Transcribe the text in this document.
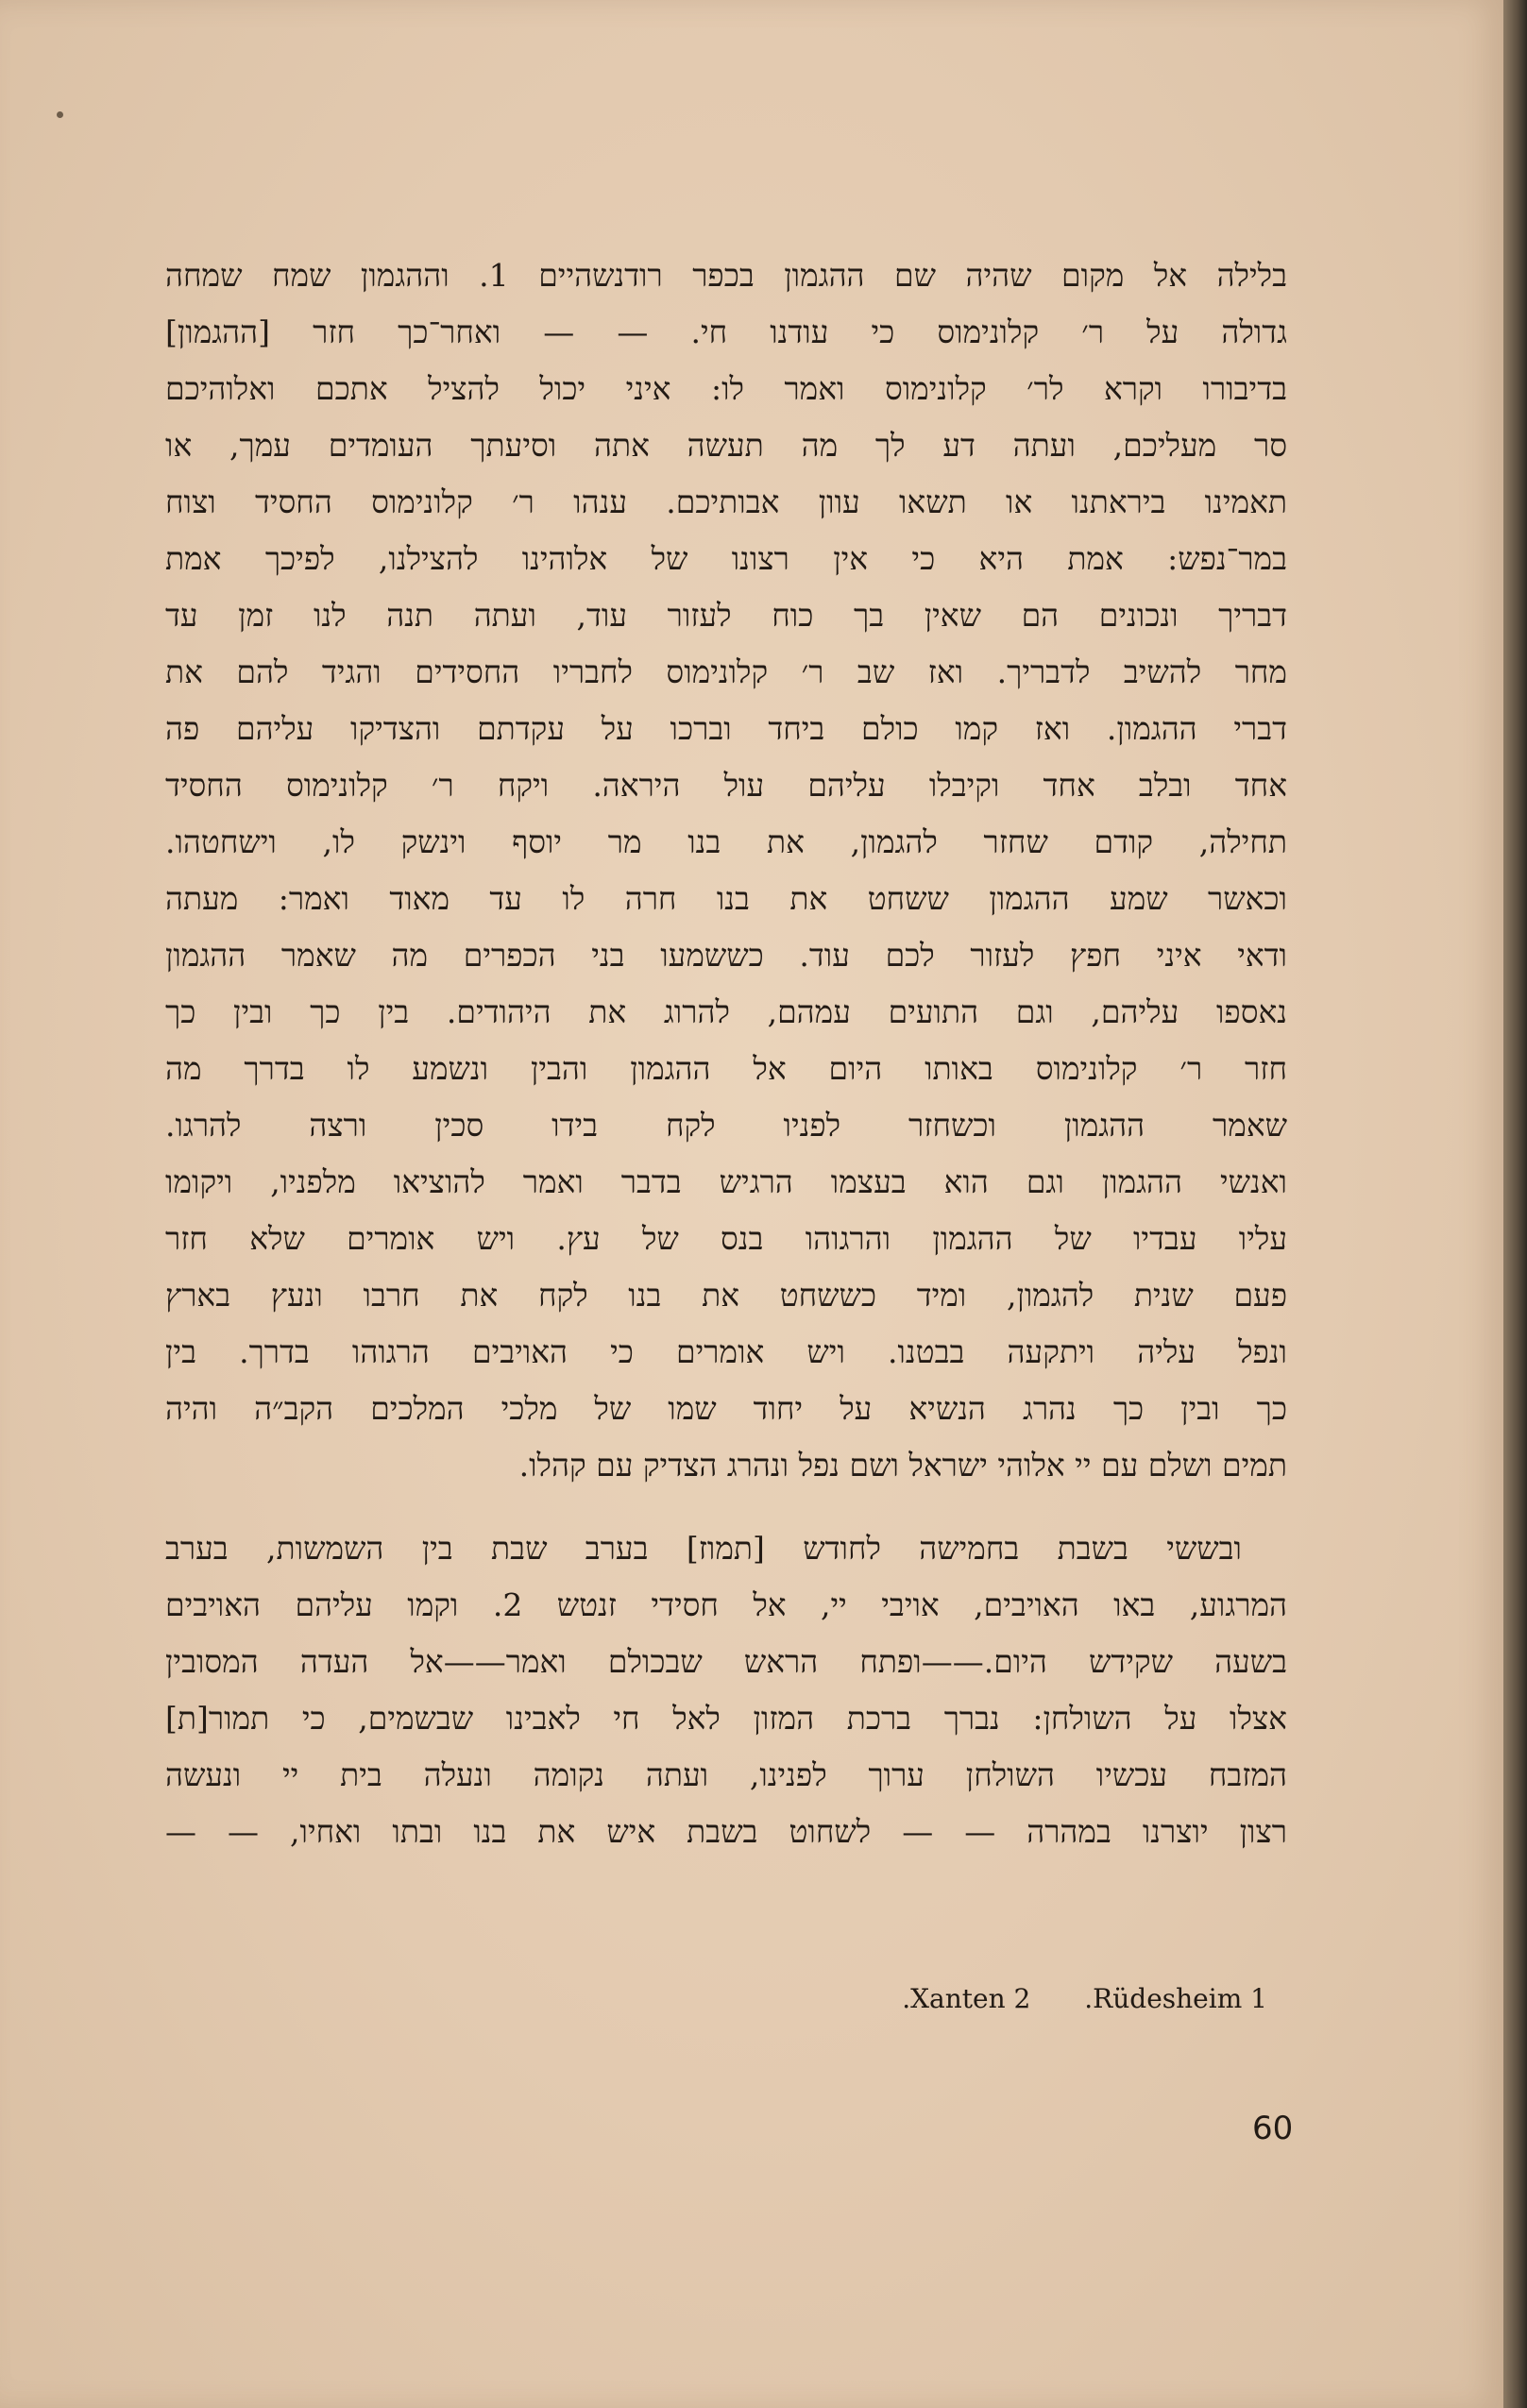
בלילה אל מקום שהיה שם ההגמון בכפר רודנשהיים 1. וההגמון שמח שמחה
גדולה על ר׳ קלונימוס כי עודנו חי. — — ואחר־כך חזר [ההגמון]
בדיבורו וקרא לר׳ קלונימוס ואמר לו: איני יכול להציל אתכם ואלוהיכם
סר מעליכם, ועתה דע לך מה תעשה אתה וסיעתך העומדים עמך, או
תאמינו ביראתנו או תשאו עוון אבותיכם. ענהו ר׳ קלונימוס החסיד וצוח
במר־נפש: אמת היא כי אין רצונו של אלוהינו להצילנו, לפיכך אמת
דבריך ונכונים הם שאין בך כוח לעזור עוד, ועתה תנה לנו זמן עד
מחר להשיב לדבריך. ואז שב ר׳ קלונימוס לחבריו החסידים והגיד להם את
דברי ההגמון. ואז קמו כולם ביחד וברכו על עקדתם והצדיקו עליהם פה
אחד ובלב אחד וקיבלו עליהם עול היראה. ויקח ר׳ קלונימוס החסיד
תחילה, קודם שחזר להגמון, את בנו מר יוסף וינשק לו, וישחטהו.
וכאשר שמע ההגמון ששחט את בנו חרה לו עד מאוד ואמר: מעתה
ודאי איני חפץ לעזור לכם עוד. כששמעו בני הכפרים מה שאמר ההגמון
נאספו עליהם, וגם התועים עמהם, להרוג את היהודים. בין כך ובין כך
חזר ר׳ קלונימוס באותו היום אל ההגמון והבין ונשמע לו בדרך מה
שאמר ההגמון וכשחזר לפניו לקח בידו סכין ורצה להרגו.
ואנשי ההגמון וגם הוא בעצמו הרגיש בדבר ואמר להוציאו מלפניו, ויקומו
עליו עבדיו של ההגמון והרגוהו בנס של עץ. ויש אומרים שלא חזר
פעם שנית להגמון, ומיד כששחט את בנו לקח את חרבו ונעץ בארץ
ונפל עליה ויתקעה בבטנו. ויש אומרים כי האויבים הרגוהו בדרך. בין
כך ובין כך נהרג הנשיא על יחוד שמו של מלכי המלכים הקב״ה והיה
תמים ושלם עם יי אלוהי ישראל ושם נפל ונהרג הצדיק עם קהלו.
ובששי בשבת בחמישה לחודש [תמוז] בערב שבת בין השמשות, בערב
המרגוע, באו האויבים, אויבי יי, אל חסידי זנטש 2. וקמו עליהם האויבים
בשעה שקידש היום.——ופתח הראש שבכולם ואמר——אל העדה המסובין
אצלו על השולחן: נברך ברכת המזון לאל חי לאבינו שבשמים, כי תמור[ת]
המזבח עכשיו השולחן ערוך לפנינו, ועתה נקומה ונעלה בית יי ונעשה
רצון יוצרנו במהרה — — לשחוט בשבת איש את בנו ובתו ואחיו, — —
1 Rüdesheim. 2 Xanten.
60
